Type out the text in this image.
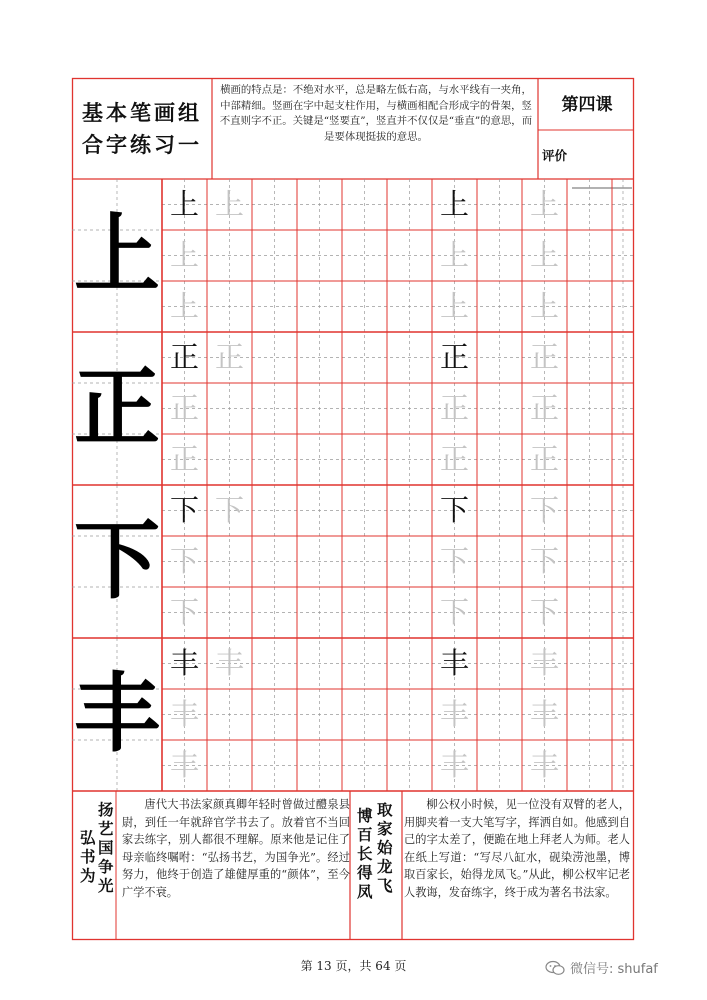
基本笔画组
合字练习一
横画的特点是：不绝对水平，总是略左低右高，与水平线有一夹角，中部精细。竖画在字中起支柱作用，与横画相配合形成字的骨架，竖不直则字不正。关键是“竖要直”，竖直并不仅仅是“垂直”的意思，而是要体现挺拔的意思。
第四课
评价
上 上 上	上 上
上	上 上
上	上 上
正 正 正	正 正
正	正 正
正	正 正
下 下 下	下 下
下	下 下
下	下 下
丰 丰 丰	丰 丰
丰	丰 丰
丰	丰 丰
弘
书
为
扬
艺
国
争
光
唐代大书法家颜真卿年轻时曾做过醴泉县尉，到任一年就辞官学书去了。放着官不当回家去练字，别人都很不理解。原来他是记住了母亲临终嘱咐：“弘扬书艺，为国争光”。经过努力，他终于创造了雄健厚重的“颜体”，至今广学不衰。
博
百
长
得
凤
取
家
始
龙
飞
柳公权小时候，见一位没有双臂的老人，用脚夹着一支大笔写字，挥洒自如。他感到自己的字太差了，便跪在地上拜老人为师。老人在纸上写道：“写尽八缸水，砚染涝池墨，博取百家长，始得龙凤飞。”从此，柳公权牢记老人教诲，发奋练字，终于成为著名书法家。
第 13 页，共 64 页	微信号: shufaf
